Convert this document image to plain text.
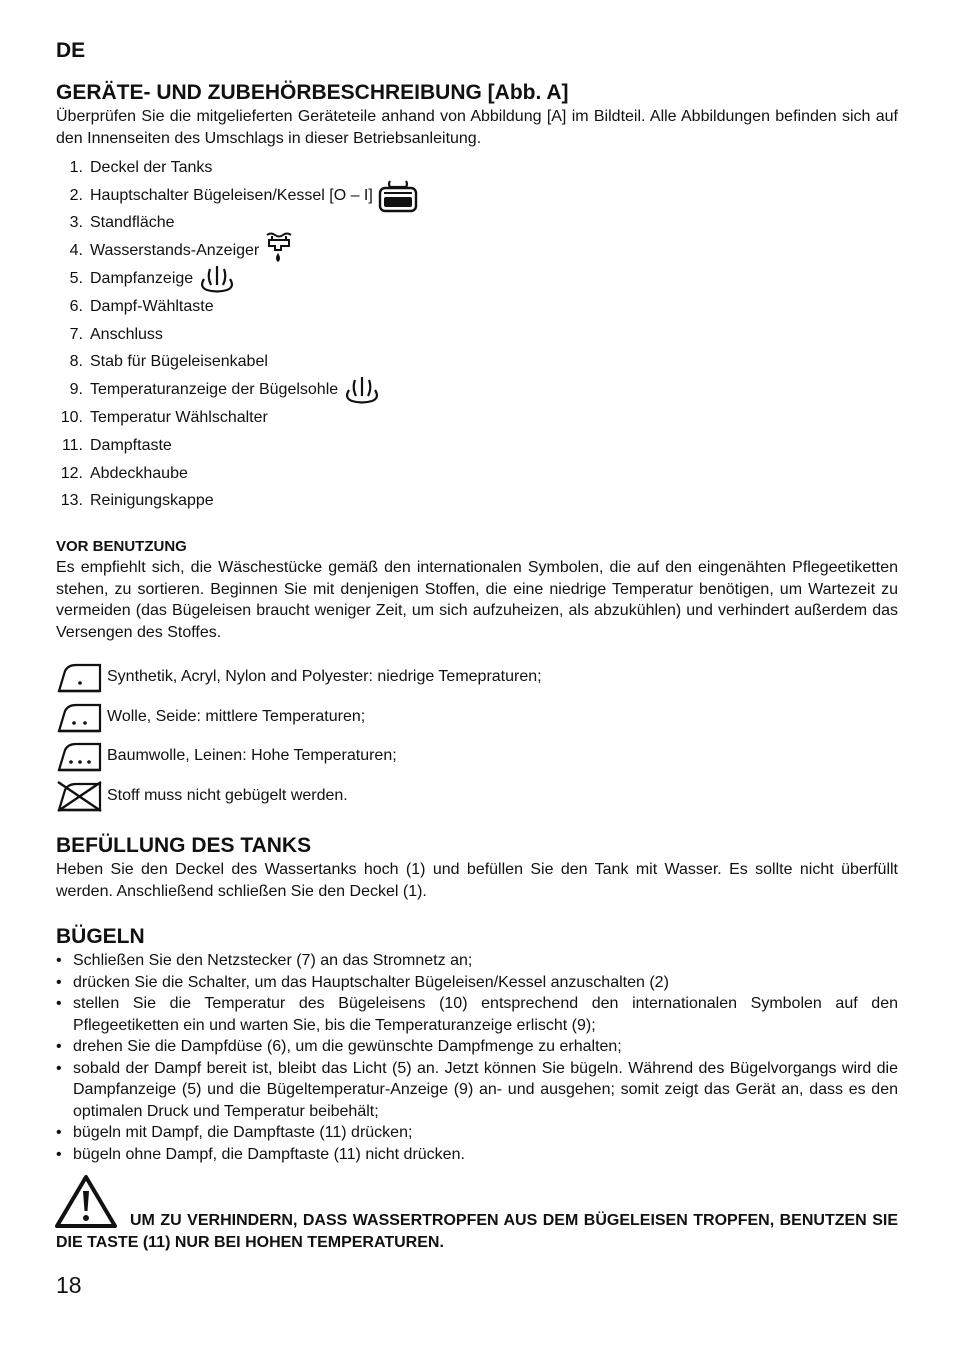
DE
GERÄTE- UND ZUBEHÖRBESCHREIBUNG [Abb. A]

Überprüfen Sie die mitgelieferten Geräteteile anhand von Abbildung [A] im Bildteil. Alle Abbildungen befinden sich auf den Innenseiten des Umschlags in dieser Betriebsanleitung.

1. Deckel der Tanks
2. Hauptschalter Bügeleisen/Kessel [O – I]
3. Standfläche
4. Wasserstands-Anzeiger
5. Dampfanzeige
6. Dampf-Wähltaste
7. Anschluss
8. Stab für Bügeleisenkabel
9. Temperaturanzeige der Bügelsohle
10. Temperatur Wählschalter
11. Dampftaste
12. Abdeckhaube
13. Reinigungskappe
VOR BENUTZUNG

Es empfiehlt sich, die Wäschestücke gemäß den internationalen Symbolen, die auf den eingenähten Pflegeetiketten stehen, zu sortieren. Beginnen Sie mit denjenigen Stoffen, die eine niedrige Temperatur benötigen, um Wartezeit zu vermeiden (das Bügeleisen braucht weniger Zeit, um sich aufzuheizen, als abzukühlen) und verhindert außerdem das Versengen des Stoffes.

Synthetik, Acryl, Nylon and Polyester: niedrige Temepraturen;
Wolle, Seide: mittlere Temperaturen;
Baumwolle, Leinen: Hohe Temperaturen;
Stoff muss nicht gebügelt werden.
BEFÜLLUNG DES TANKS

Heben Sie den Deckel des Wassertanks hoch (1) und befüllen Sie den Tank mit Wasser. Es sollte nicht überfüllt werden. Anschließend schließen Sie den Deckel (1).

BÜGELN
• Schließen Sie den Netzstecker (7) an das Stromnetz an;
• drücken Sie die Schalter, um das Hauptschalter Bügeleisen/Kessel anzuschalten (2)
• stellen Sie die Temperatur des Bügeleisens (10) entsprechend den internationalen Symbolen auf den Pflegeetiketten ein und warten Sie, bis die Temperaturanzeige erlischt (9);
• drehen Sie die Dampfdüse (6), um die gewünschte Dampfmenge zu erhalten;
• sobald der Dampf bereit ist, bleibt das Licht (5) an. Jetzt können Sie bügeln. Während des Bügelvorgangs wird die Dampfanzeige (5) und die Bügeltemperatur-Anzeige (9) an- und ausgehen; somit zeigt das Gerät an, dass es den optimalen Druck und Temperatur beibehält;
• bügeln mit Dampf, die Dampftaste (11) drücken;
• bügeln ohne Dampf, die Dampftaste (11) nicht drücken.
UM ZU VERHINDERN, DASS WASSERTROPFEN AUS DEM BÜGELEISEN TROPFEN, BENUTZEN SIE DIE TASTE (11) NUR BEI HOHEN TEMPERATUREN.
18
